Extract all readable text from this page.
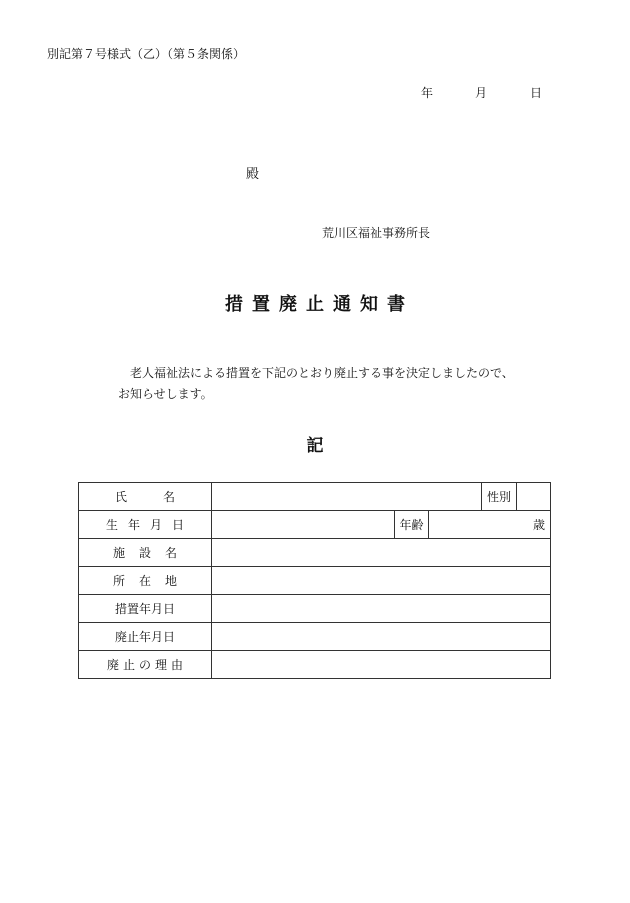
別記第７号様式（乙）（第５条関係）
年	月	日
殿
荒川区福祉事務所長
措置廃止通知書
老人福祉法による措置を下記のとおり廃止する事を決定しましたので、
お知らせします。
記
氏名				性別	
生年月日		年齢	歳		
施設名					
所在地					
措置年月日					
廃止年月日					
廃止の理由					
